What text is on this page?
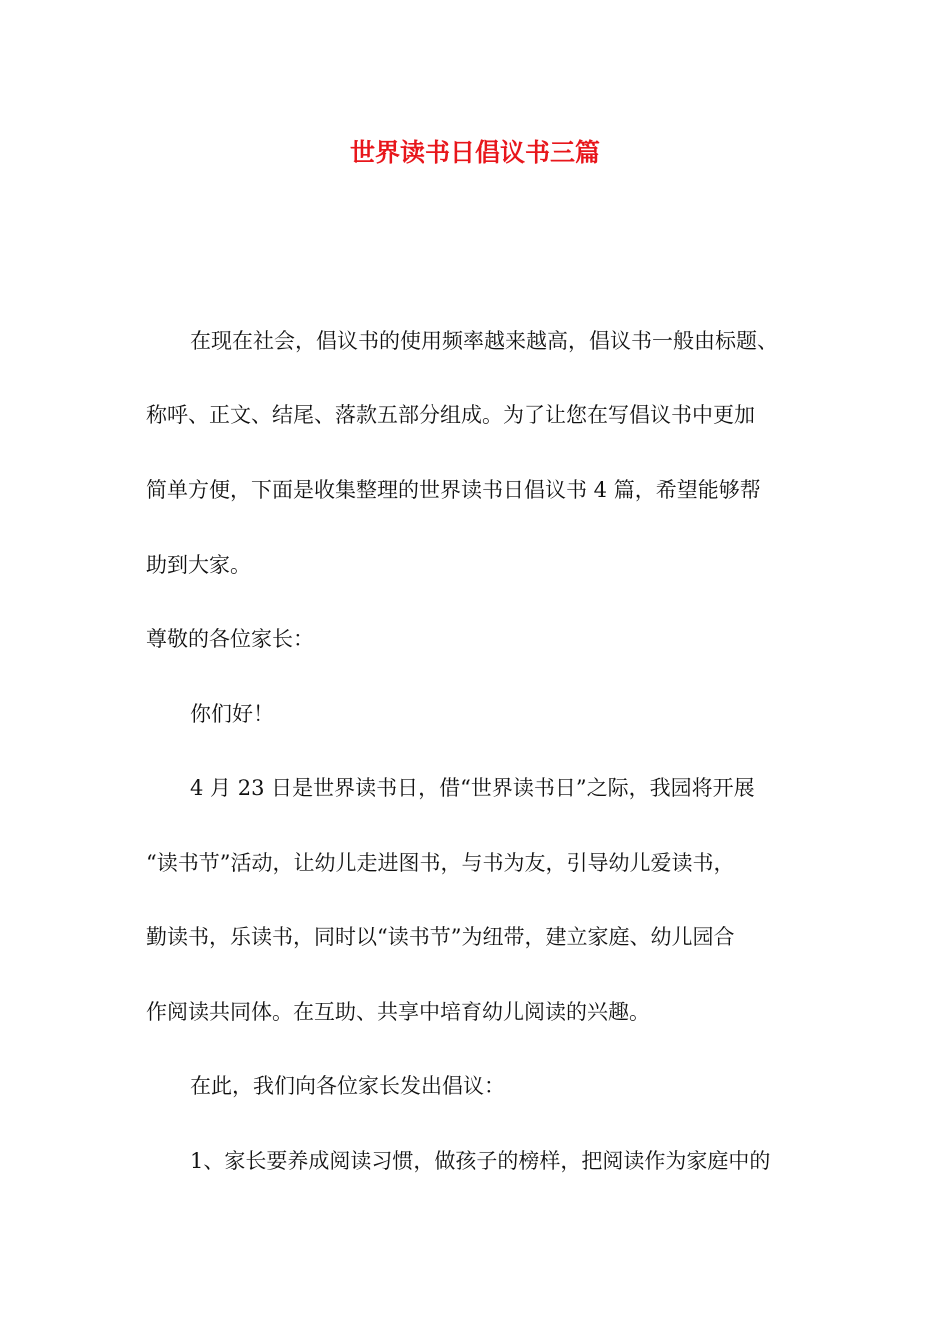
世界读书日倡议书三篇
在现在社会，倡议书的使用频率越来越高，倡议书一般由标题、
称呼、正文、结尾、落款五部分组成。为了让您在写倡议书中更加
简单方便，下面是收集整理的世界读书日倡议书 4 篇，希望能够帮
助到大家。
尊敬的各位家长：
你们好！
4 月 23 日是世界读书日，借“世界读书日”之际，我园将开展
“读书节”活动，让幼儿走进图书，与书为友，引导幼儿爱读书，
勤读书，乐读书，同时以“读书节”为纽带，建立家庭、幼儿园合
作阅读共同体。在互助、共享中培育幼儿阅读的兴趣。
在此，我们向各位家长发出倡议：
1、家长要养成阅读习惯，做孩子的榜样，把阅读作为家庭中的
